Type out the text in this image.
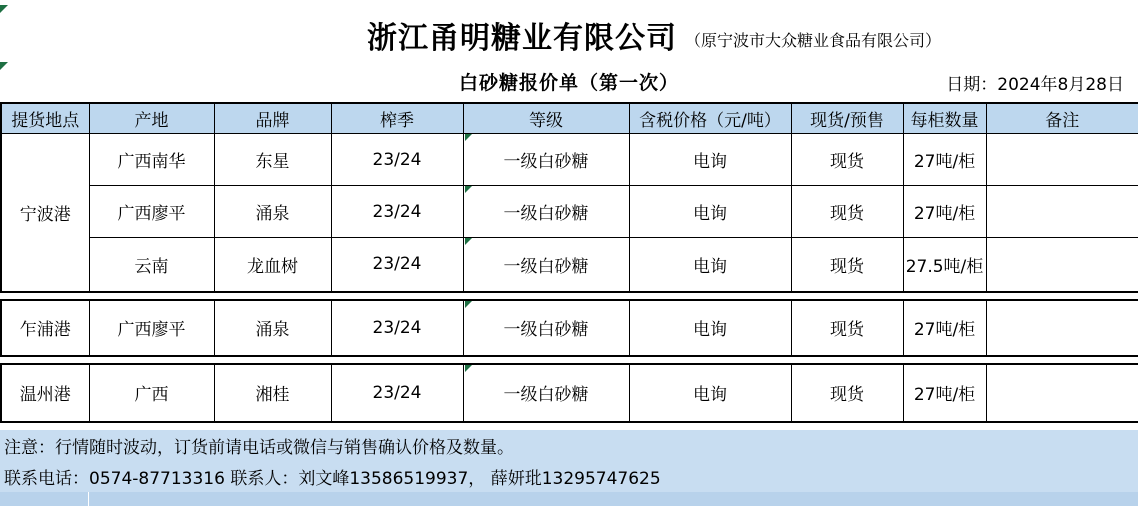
浙江甬明糖业有限公司 （原宁波市大众糖业食品有限公司）
白砂糖报价单（第一次）	日期：2024年8月28日
提货地点	产地	品牌	榨季	等级	含税价格（元/吨）	现货/预售	每柜数量	备注
宁波港	广西南华	东星	23/24	一级白砂糖	电询	现货	27吨/柜	
	广西廖平	涌泉	23/24	一级白砂糖	电询	现货	27吨/柜	
	云南	龙血树	23/24	一级白砂糖	电询	现货	27.5吨/柜	
乍浦港	广西廖平	涌泉	23/24	一级白砂糖	电询	现货	27吨/柜	
温州港	广西	湘桂	23/24	一级白砂糖	电询	现货	27吨/柜	
注意：行情随时波动，订货前请电话或微信与销售确认价格及数量。
联系电话：0574-87713316 联系人：刘文峰13586519937， 薛妍玭13295747625
